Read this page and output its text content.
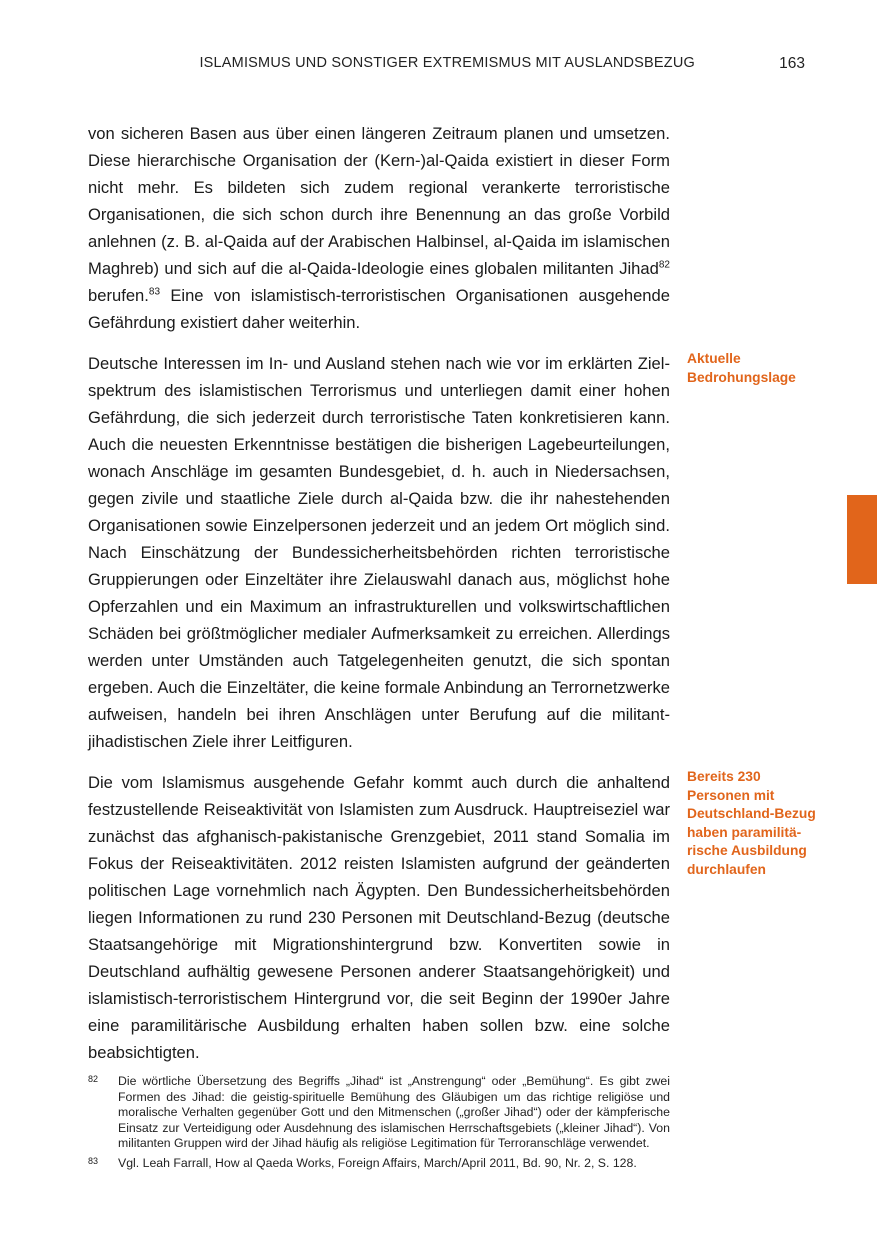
ISLAMISMUS UND SONSTIGER EXTREMISMUS MIT AUSLANDSBEZUG	163

von sicheren Basen aus über einen längeren Zeitraum planen und umsetzen. Diese hierarchische Organisation der (Kern-)al-Qaida existiert in dieser Form nicht mehr. Es bildeten sich zudem regional verankerte terroristische Organisationen, die sich schon durch ihre Benennung an das große Vorbild anlehnen (z. B. al-Qaida auf der Arabischen Halbinsel, al-Qaida im islamischen Maghreb) und sich auf die al-Qaida-Ideologie eines globalen militanten Jihad$^{82}$ berufen.$^{83}$ Eine von islamistisch-terroristischen Organisationen ausgehende Gefährdung existiert daher weiterhin.

Deutsche Interessen im In- und Ausland stehen nach wie vor im erklärten Zielspektrum des islamistischen Terrorismus und unterliegen damit einer hohen Gefährdung, die sich jederzeit durch terroristische Taten konkretisieren kann. Auch die neuesten Erkenntnisse bestätigen die bisherigen Lagebeurteilungen, wonach Anschläge im gesamten Bundesgebiet, d. h. auch in Niedersachsen, gegen zivile und staatliche Ziele durch al-Qaida bzw. die ihr nahestehenden Organisationen sowie Einzelpersonen jederzeit und an jedem Ort möglich sind. Nach Einschätzung der Bundessicherheitsbehörden richten terroristische Gruppierungen oder Einzeltäter ihre Zielauswahl danach aus, möglichst hohe Opferzahlen und ein Maximum an infrastrukturellen und volkswirtschaftlichen Schäden bei größtmöglicher medialer Aufmerksamkeit zu erreichen. Allerdings werden unter Umständen auch Tatgelegenheiten genutzt, die sich spontan ergeben. Auch die Einzeltäter, die keine formale Anbindung an Terrornetzwerke aufweisen, handeln bei ihren Anschlägen unter Berufung auf die militant-jihadistischen Ziele ihrer Leitfiguren.

Die vom Islamismus ausgehende Gefahr kommt auch durch die anhaltend festzustellende Reiseaktivität von Islamisten zum Ausdruck. Hauptreiseziel war zunächst das afghanisch-pakistanische Grenzgebiet, 2011 stand Somalia im Fokus der Reiseaktivitäten. 2012 reisten Islamisten aufgrund der geänderten politischen Lage vornehmlich nach Ägypten. Den Bundessicherheitsbehörden liegen Informationen zu rund 230 Personen mit Deutschland-Bezug (deutsche Staatsangehörige mit Migrationshintergrund bzw. Konvertiten sowie in Deutschland aufhältig gewesene Personen anderer Staatsangehörigkeit) und islamistisch-terroristischem Hintergrund vor, die seit Beginn der 1990er Jahre eine paramilitärische Ausbildung erhalten haben sollen bzw. eine solche beabsichtigten.

Aktuelle
Bedrohungslage
Bereits 230
Personen mit
Deutschland-Bezug
haben paramilitä-
rische Ausbildung
durchlaufen
82 Die wörtliche Übersetzung des Begriffs „Jihad“ ist „Anstrengung“ oder „Bemühung“. Es gibt zwei Formen des Jihad: die geistig-spirituelle Bemühung des Gläubigen um das richtige religiöse und moralische Verhalten gegenüber Gott und den Mitmenschen („großer Jihad“) oder der kämpferische Einsatz zur Verteidigung oder Ausdehnung des islamischen Herrschaftsgebiets („kleiner Jihad“). Von militanten Gruppen wird der Jihad häufig als religiöse Legitimation für Terroranschläge verwendet.
83 Vgl. Leah Farrall, How al Qaeda Works, Foreign Affairs, March/April 2011, Bd. 90, Nr. 2, S. 128.
